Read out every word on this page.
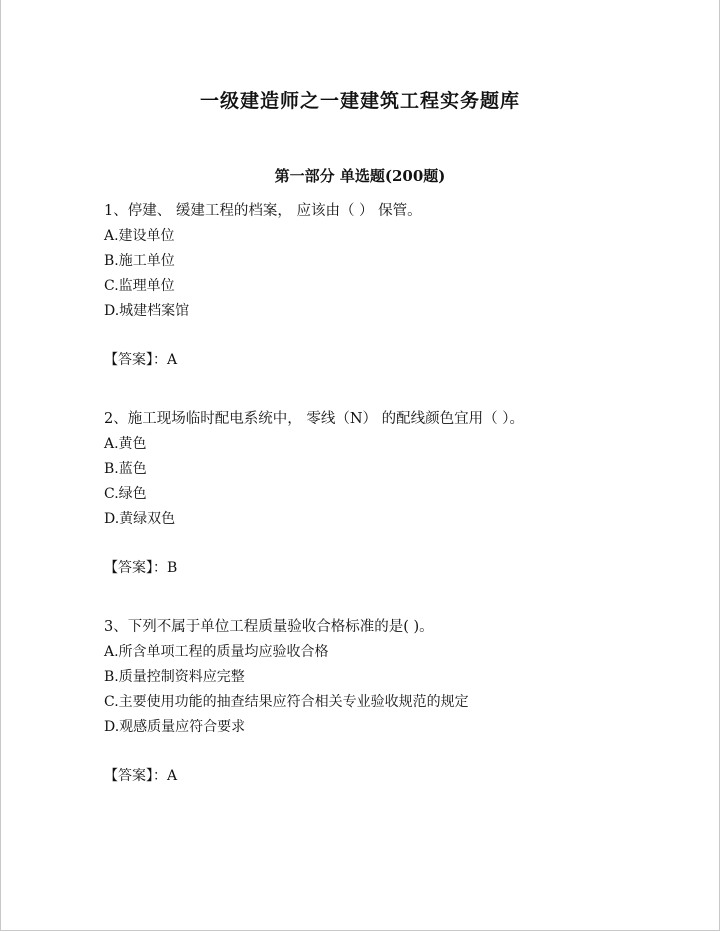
一级建造师之一建建筑工程实务题库
第一部分 单选题(200题)
1、停建、 缓建工程的档案， 应该由（ ） 保管。
A.建设单位
B.施工单位
C.监理单位
D.城建档案馆
【答案】：A
2、施工现场临时配电系统中， 零线（N） 的配线颜色宜用（ ）。
A.黄色
B.蓝色
C.绿色
D.黄绿双色
【答案】：B
3、下列不属于单位工程质量验收合格标准的是( )。
A.所含单项工程的质量均应验收合格
B.质量控制资料应完整
C.主要使用功能的抽查结果应符合相关专业验收规范的规定
D.观感质量应符合要求
【答案】：A
